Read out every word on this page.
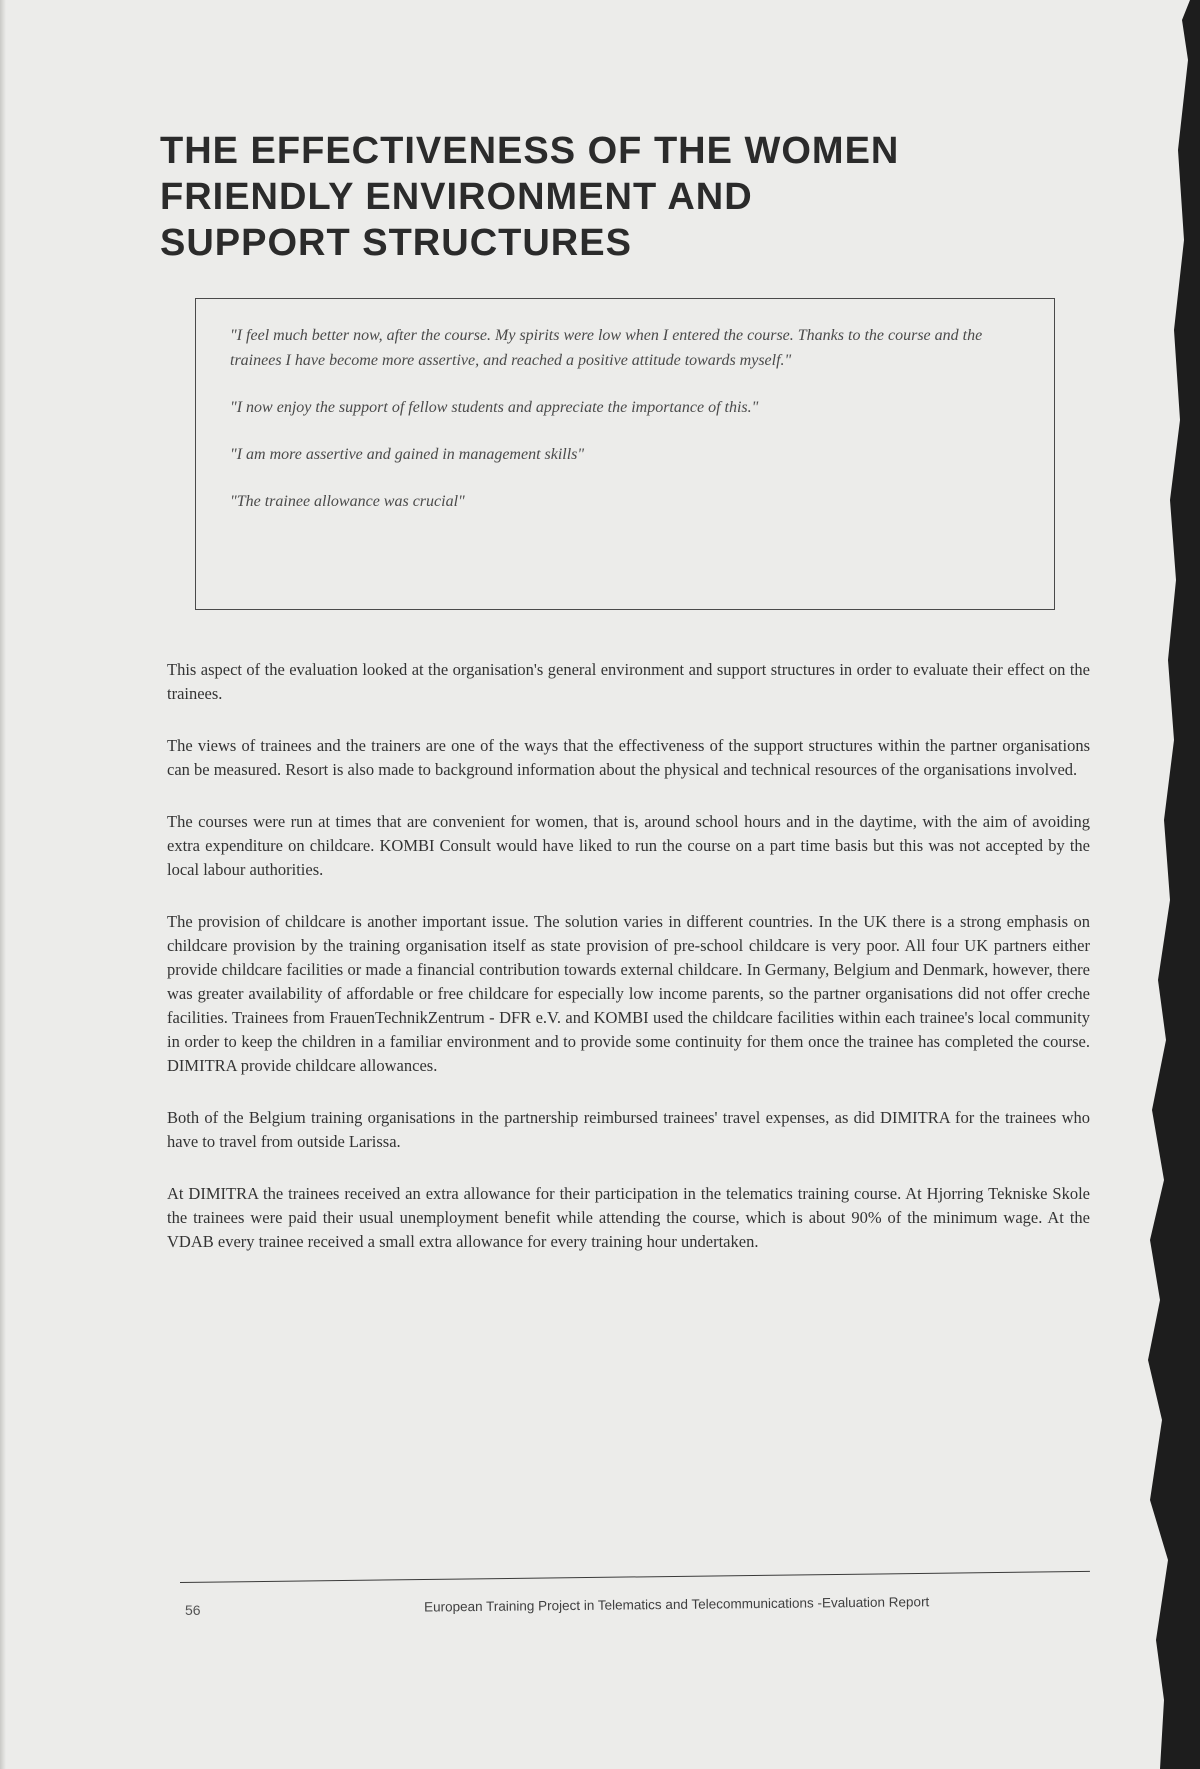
THE EFFECTIVENESS OF THE WOMEN
FRIENDLY ENVIRONMENT AND
SUPPORT STRUCTURES

"I feel much better now, after the course. My spirits were low when I entered the course. Thanks to the course and the trainees I have become more assertive, and reached a positive attitude towards myself."

"I now enjoy the support of fellow students and appreciate the importance of this."

"I am more assertive and gained in management skills"

"The trainee allowance was crucial"

This aspect of the evaluation looked at the organisation's general environment and support structures in order to evaluate their effect on the trainees.

The views of trainees and the trainers are one of the ways that the effectiveness of the support structures within the partner organisations can be measured. Resort is also made to background information about the physical and technical resources of the organisations involved.

The courses were run at times that are convenient for women, that is, around school hours and in the daytime, with the aim of avoiding extra expenditure on childcare. KOMBI Consult would have liked to run the course on a part time basis but this was not accepted by the local labour authorities.

The provision of childcare is another important issue. The solution varies in different countries. In the UK there is a strong emphasis on childcare provision by the training organisation itself as state provision of pre-school childcare is very poor. All four UK partners either provide childcare facilities or made a financial contribution towards external childcare. In Germany, Belgium and Denmark, however, there was greater availability of affordable or free childcare for especially low income parents, so the partner organisations did not offer creche facilities. Trainees from FrauenTechnikZentrum - DFR e.V. and KOMBI used the childcare facilities within each trainee's local community in order to keep the children in a familiar environment and to provide some continuity for them once the trainee has completed the course. DIMITRA provide childcare allowances.

Both of the Belgium training organisations in the partnership reimbursed trainees' travel expenses, as did DIMITRA for the trainees who have to travel from outside Larissa.

At DIMITRA the trainees received an extra allowance for their participation in the telematics training course. At Hjorring Tekniske Skole the trainees were paid their usual unemployment benefit while attending the course, which is about 90% of the minimum wage. At the VDAB every trainee received a small extra allowance for every training hour undertaken.

56	European Training Project in Telematics and Telecommunications -Evaluation Report
